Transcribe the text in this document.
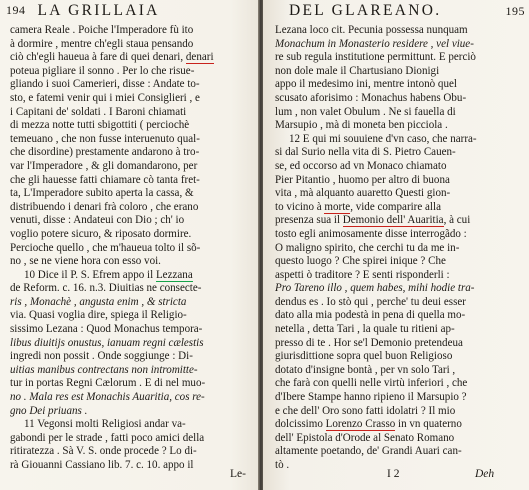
194 LA GRILLAIA
camera Reale . Poiche l'Imperadore fù ito
à dormire , mentre ch'egli staua pensando
ciò ch'egli haueua à fare di quei denari, denari
poteua pigliare il sonno . Per lo che risue-
gliando i suoi Camerieri, disse : Andate to-
sto, e fatemi venir qui i miei Consiglieri , e
i Capitani de' soldati . I Baroni chiamati
di mezza notte tutti sbigottiti ( perciochè
temeuano , che non fusse interuenuto qual-
che disordine) prestamente andarono à tro-
var l'Imperadore , & gli domandarono, per
che gli hauesse fatti chiamare cò tanta fret-
ta, L'Imperadore subito aperta la cassa, &
distribuendo i denari frà coloro , che erano
venuti, disse : Andateui con Dio ; ch' io
voglio potere sicuro, & riposato dormire.
Percioche quello , che m'haueua tolto il sõ-
no , se ne viene hora con esso voi.
10 Dice il P. S. Efrem appo il Lezzana
de Reform. c. 16. n.3. Diuitias ne consecte-
ris , Monachè , angusta enim , & stricta
via. Quasi voglia dire, spiega il Religio-
sissimo Lezana : Quod Monachus tempora-
libus diuitijs onustus, ianuam regni cælestis
ingredi non possit . Onde soggiunge : Di-
uitias manibus contrectans non intromitte-
tur in portas Regni Cælorum . E di nel muo-
no . Mala res est Monachis Auaritia, cos re-
gno Dei priuans .
11 Vegonsi molti Religiosi andar va-
gabondi per le strade , fatti poco amici della
ritiratezza . Sà V. S. onde procede ? Lo di-
rà Giouanni Cassiano lib. 7. c. 10. appo il
Le-
DEL GLAREANO.	195
Lezana loco cit. Pecunia possessa nunquam
Monachum in Monasterio residere , vel viue-
re sub regula institutione permittunt. E perciò
non dole male il Chartusiano Dionigi
appo il medesimo ini, mentre intonò quel
scusato aforisimo : Monachus habens Obu-
lum , non valet Obulum . Ne si fauella di
Marsupio , mà di moneta ben picciola .
12 E qui mi souuiene d'vn caso, che narra-
si dal Surio nella vita di S. Pietro Cauen-
se, ed occorso ad vn Monaco chiamato
Pier Pitantio , huomo per altro di buona
vita , mà alquanto auaretto Questi gion-
to vicino à morte, vide comparire alla
presenza sua il Demonio dell' Auaritia, à cui
tosto egli animosamente disse interrogãdo :
O maligno spirito, che cerchi tu da me in-
questo luogo ? Che spirei inique ? Che
aspetti ò traditore ? E senti risponderli :
Pro Tareno illo , quem habes, mihi hodie tra-
dendus es . Io stò qui , perche' tu deui esser
dato alla mia podestà in pena di quella mo-
netella , detta Tari , la quale tu ritieni ap-
presso di te . Hor se'l Demonio pretendeua
giurisdittione sopra quel buon Religioso
dotato d'insigne bontà , per vn solo Tari ,
che farà con quelli nelle virtù inferiori , che
d'Ibere Stampe hanno ripieno il Marsupio ?
e che dell' Oro sono fatti idolatri ? Il mio
dolcissimo Lorenzo Crasso in vn quaterno
dell' Epistola d'Orode al Senato Romano
altamente poetando, de' Grandi Auari can-
tò .
I 2	Deh
